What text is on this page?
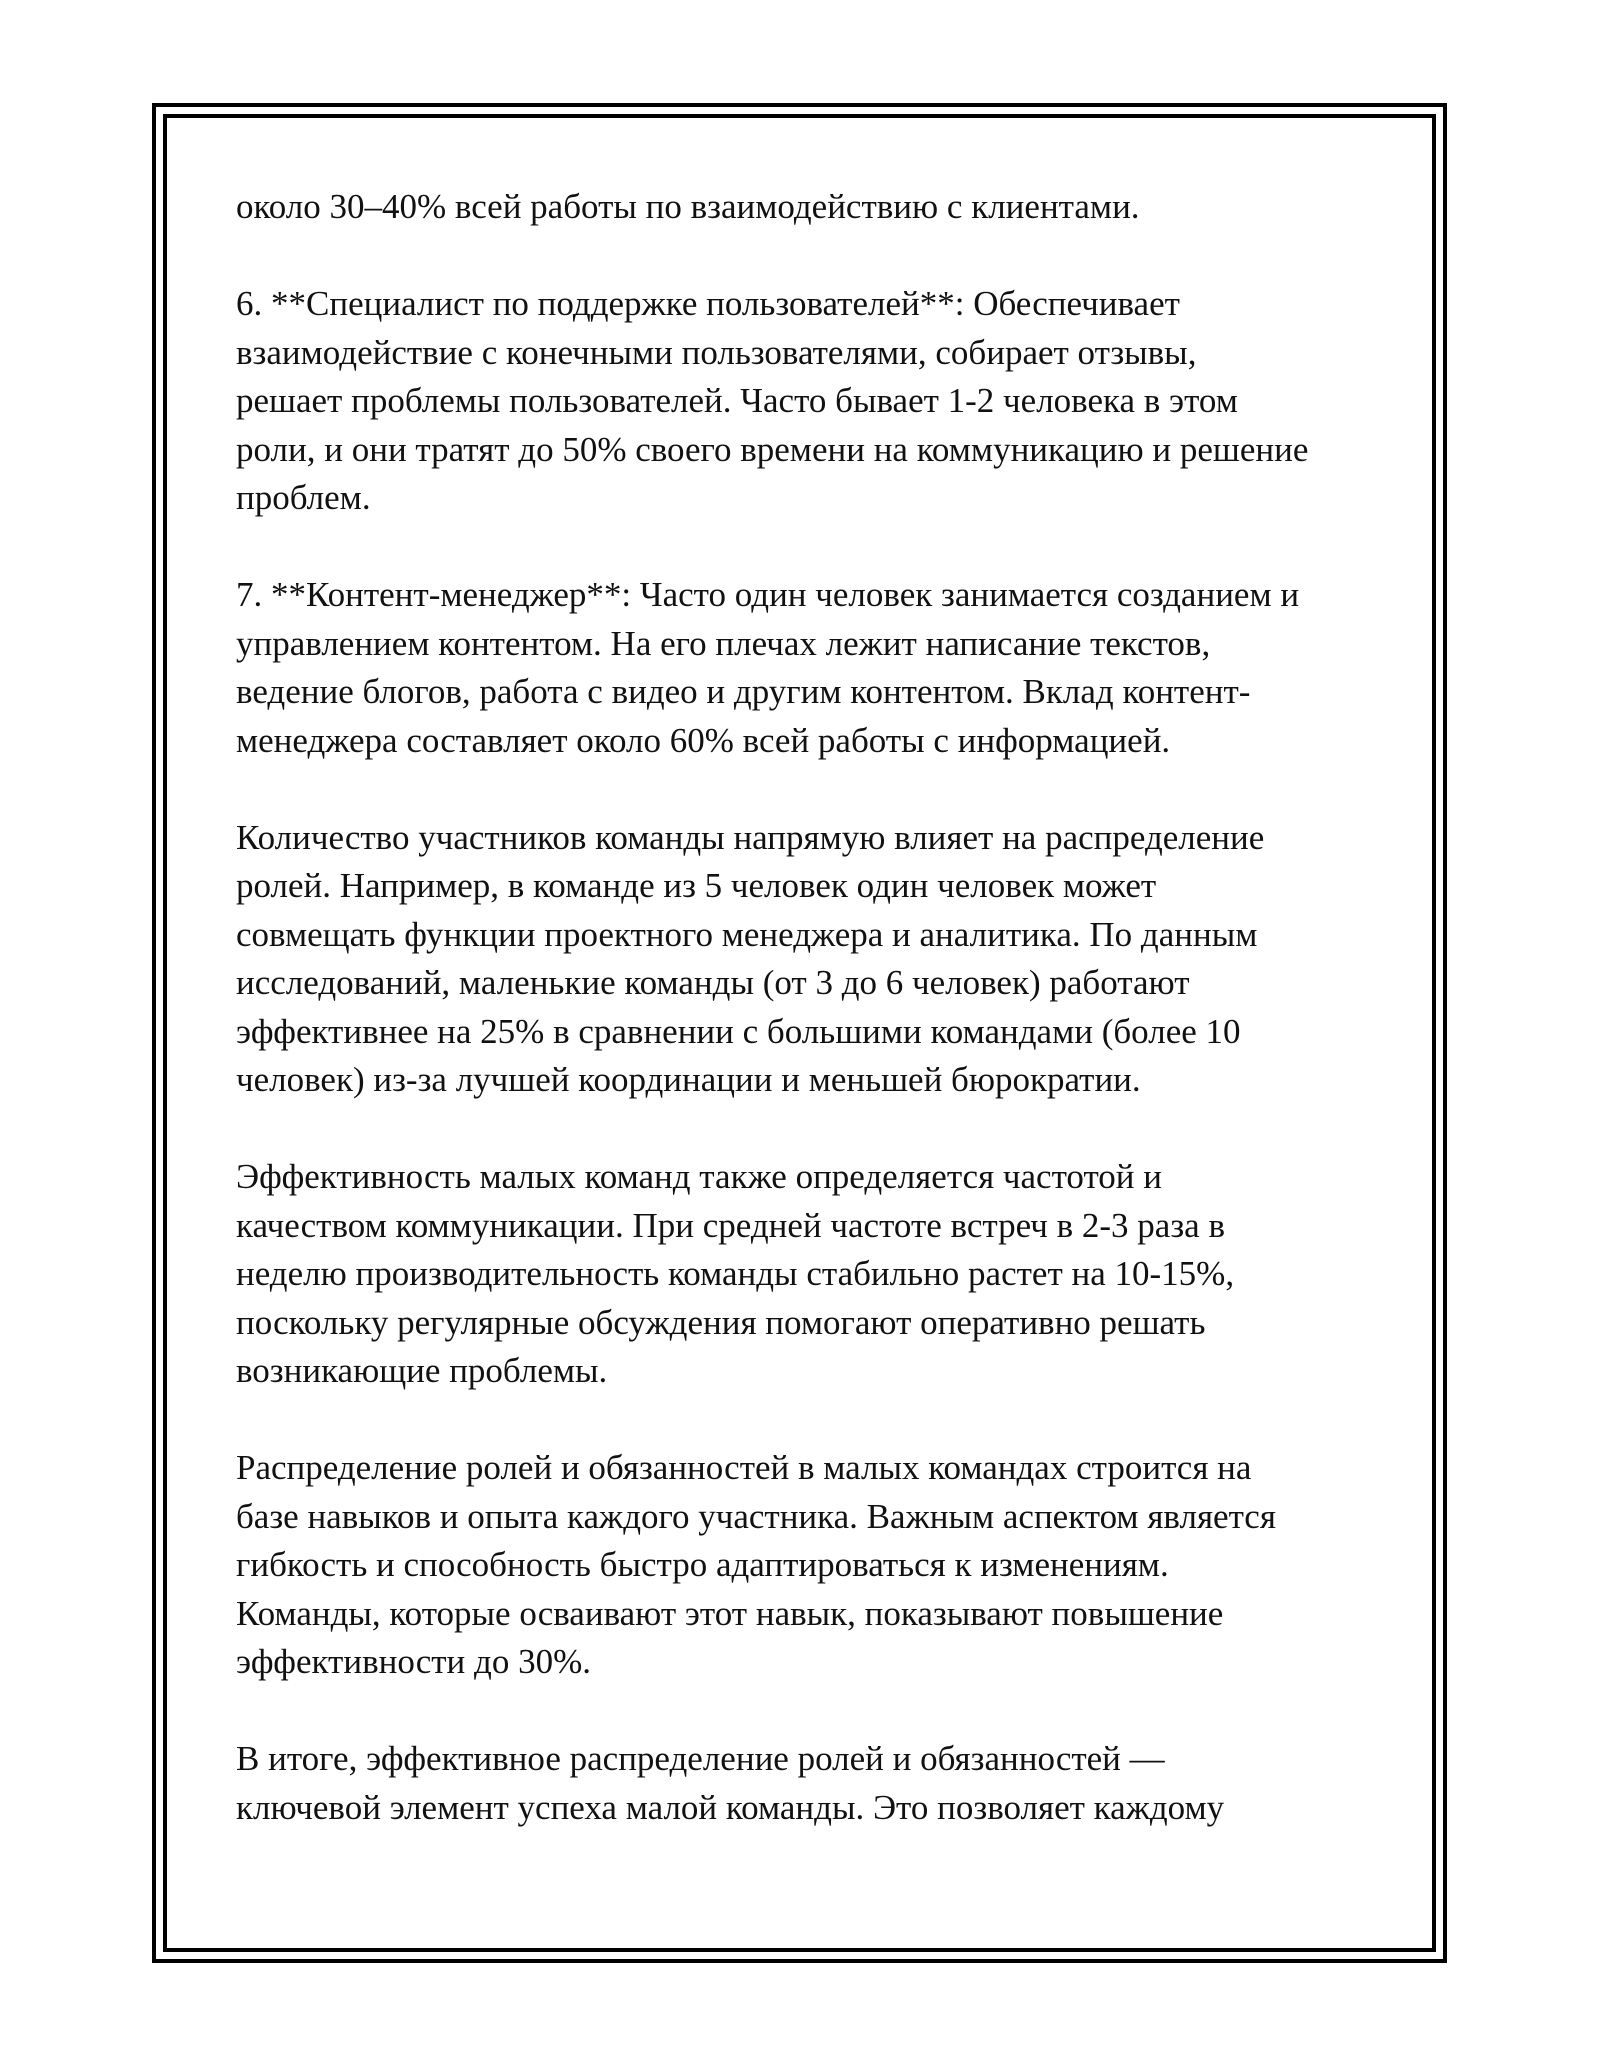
около 30–40% всей работы по взаимодействию с клиентами.

6. **Специалист по поддержке пользователей**: Обеспечивает
взаимодействие с конечными пользователями, собирает отзывы,
решает проблемы пользователей. Часто бывает 1-2 человека в этом
роли, и они тратят до 50% своего времени на коммуникацию и решение
проблем.

7. **Контент-менеджер**: Часто один человек занимается созданием и
управлением контентом. На его плечах лежит написание текстов,
ведение блогов, работа с видео и другим контентом. Вклад контент-
менеджера составляет около 60% всей работы с информацией.

Количество участников команды напрямую влияет на распределение
ролей. Например, в команде из 5 человек один человек может
совмещать функции проектного менеджера и аналитика. По данным
исследований, маленькие команды (от 3 до 6 человек) работают
эффективнее на 25% в сравнении с большими командами (более 10
человек) из-за лучшей координации и меньшей бюрократии.

Эффективность малых команд также определяется частотой и
качеством коммуникации. При средней частоте встреч в 2-3 раза в
неделю производительность команды стабильно растет на 10-15%,
поскольку регулярные обсуждения помогают оперативно решать
возникающие проблемы.

Распределение ролей и обязанностей в малых командах строится на
базе навыков и опыта каждого участника. Важным аспектом является
гибкость и способность быстро адаптироваться к изменениям.
Команды, которые осваивают этот навык, показывают повышение
эффективности до 30%.

В итоге, эффективное распределение ролей и обязанностей —
ключевой элемент успеха малой команды. Это позволяет каждому
